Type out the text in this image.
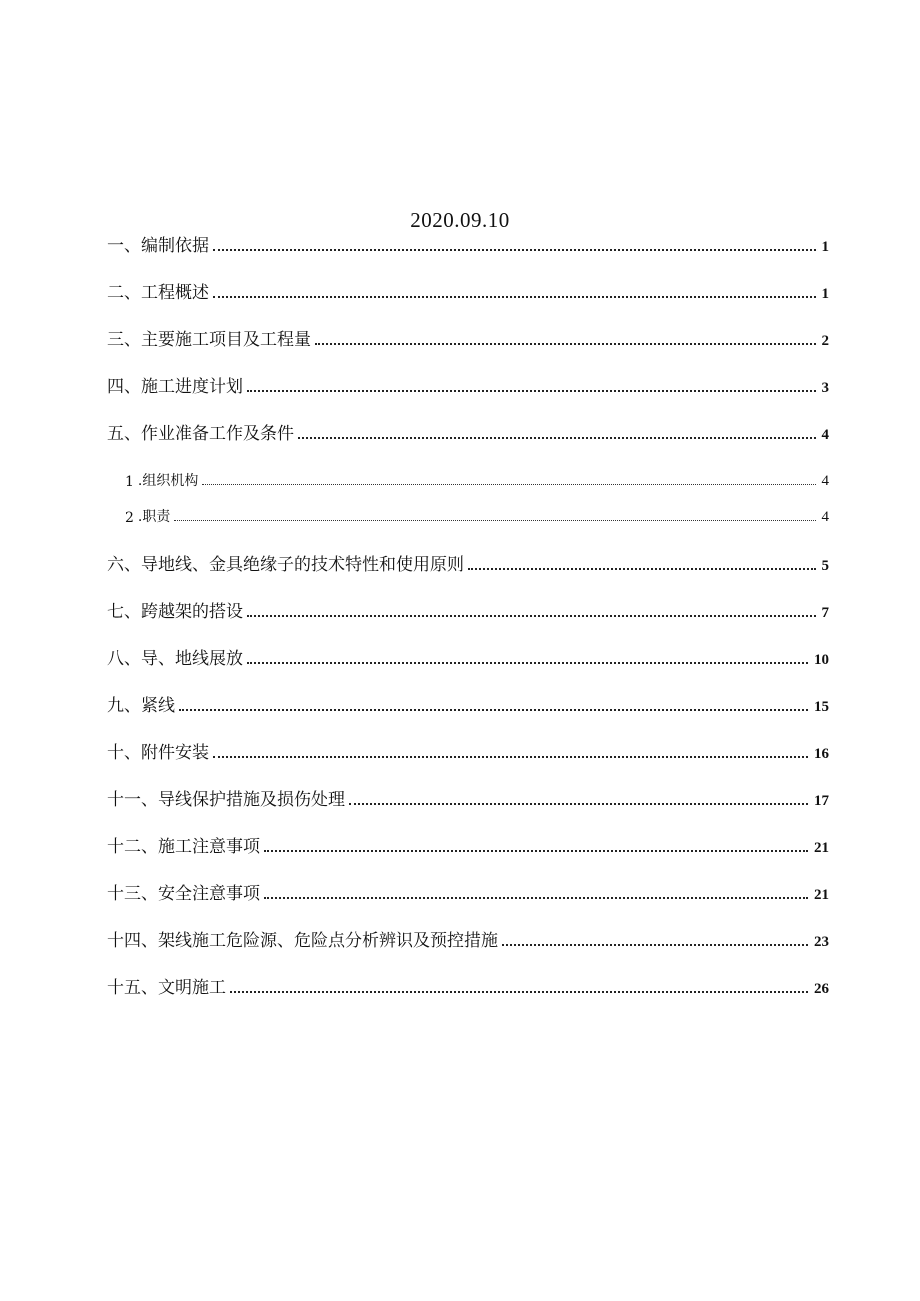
2020.09.10
一、编制依据	1
二、工程概述	1
三、主要施工项目及工程量	2
四、施工进度计划	3
五、作业准备工作及条件	4
1 .组织机构	4
2 .职责	4
六、导地线、金具绝缘子的技术特性和使用原则	5
七、跨越架的搭设	7
八、导、地线展放	10
九、紧线	15
十、附件安装	16
十一、导线保护措施及损伤处理	17
十二、施工注意事项	21
十三、安全注意事项	21
十四、架线施工危险源、危险点分析辨识及预控措施	23
十五、文明施工	26
